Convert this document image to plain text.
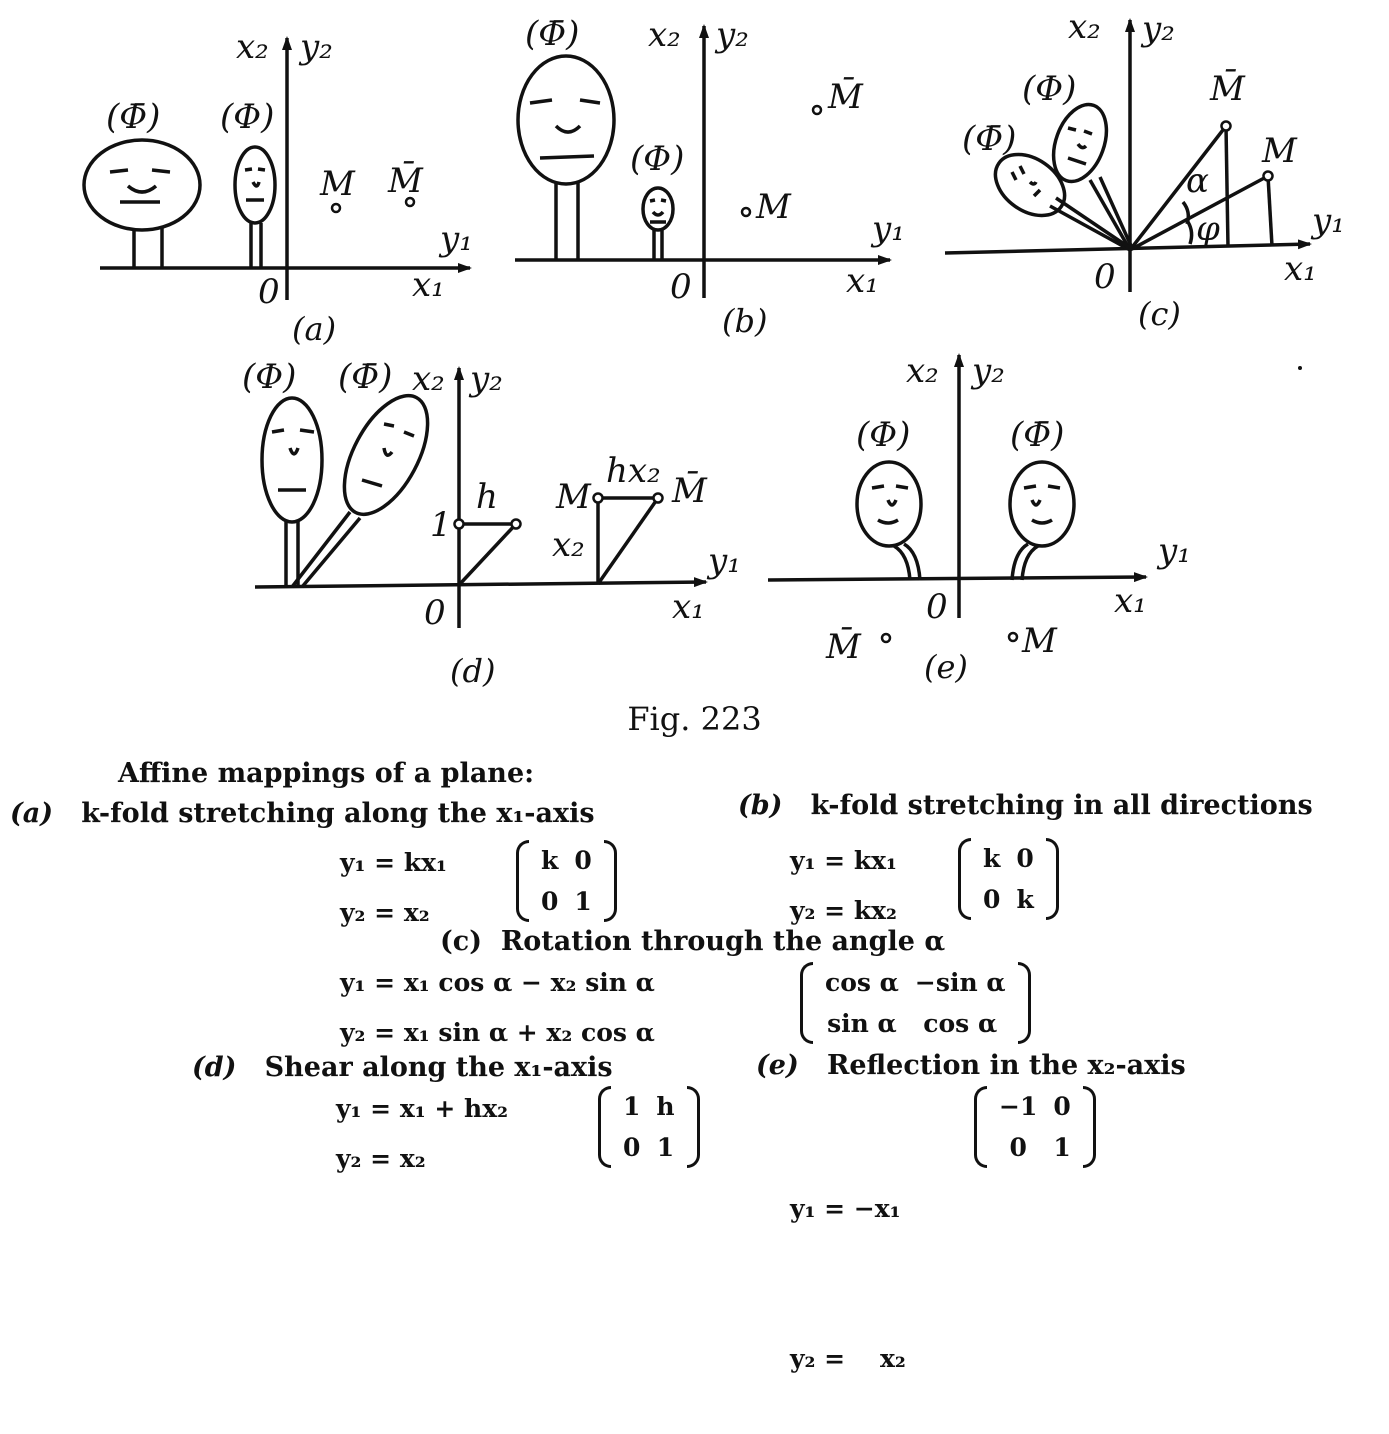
x₂ y₂
(Φ̄) (Φ)
M M̄
y₁
0	x₁
(a)
(Φ̄) x₂ y₂
M̄
(Φ)
M
y₁
0	x₁
(b)
x₂ y₂
M̄
(Φ)
(Φ̄)	M
α
φ	y₁
0	x₁
(c)
(Φ) (Φ̄) x₂ y₂
hx₂
M M̄
h
1	x₂	y₁
0	x₁
(d)
x₂ y₂
(Φ)	(Φ̄)
y₁
0	x₁
M̄	M
(e)
Fig. 223
Affine mappings of a plane:
(a) k-fold stretching along the x₁-axis
y₁ = kx₁
y₂ = x₂
k	0
0	1
(b) k-fold stretching in all directions
y₁ = kx₁
y₂ = kx₂
k	0
0	k
(c) Rotation through the angle α
y₁ = x₁ cos α − x₂ sin α
y₂ = x₁ sin α + x₂ cos α
cos α	−sin α
sin α	cos α
(d) Shear along the x₁-axis
y₁ = x₁ + hx₂
y₂ = x₂
1	h
0	1
(e) Reflection in the x₂-axis

y₁ = −x₁

y₂ =    x₂

−1	0
0	1
